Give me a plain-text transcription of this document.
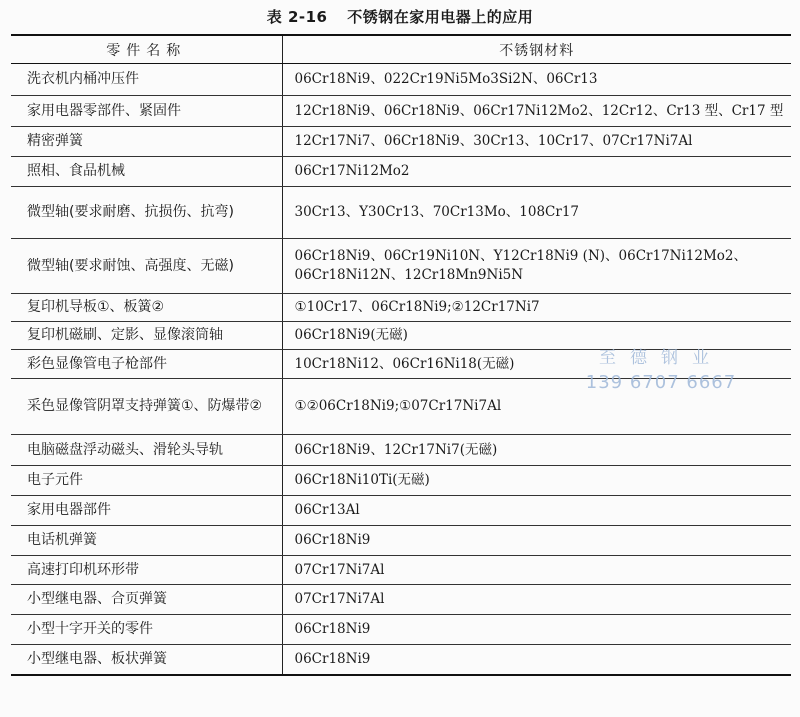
表 2-16 不锈钢在家用电器上的应用
零件名称	不锈钢材料
洗衣机内桶冲压件	06Cr18Ni9、022Cr19Ni5Mo3Si2N、06Cr13
家用电器零部件、紧固件	12Cr18Ni9、06Cr18Ni9、06Cr17Ni12Mo2、12Cr12、Cr13 型、Cr17 型
精密弹簧	12Cr17Ni7、06Cr18Ni9、30Cr13、10Cr17、07Cr17Ni7Al
照相、食品机械	06Cr17Ni12Mo2
微型轴(要求耐磨、抗损伤、抗弯)	30Cr13、Y30Cr13、70Cr13Mo、108Cr17
微型轴(要求耐蚀、高强度、无磁)	06Cr18Ni9、06Cr19Ni10N、Y12Cr18Ni9 (N)、06Cr17Ni12Mo2、06Cr18Ni12N、12Cr18Mn9Ni5N
复印机导板①、板簧②	①10Cr17、06Cr18Ni9;②12Cr17Ni7
复印机磁刷、定影、显像滚筒轴	06Cr18Ni9(无磁)
彩色显像管电子枪部件	10Cr18Ni12、06Cr16Ni18(无磁)
采色显像管阴罩支持弹簧①、防爆带②	①②06Cr18Ni9;①07Cr17Ni7Al
电脑磁盘浮动磁头、滑轮头导轨	06Cr18Ni9、12Cr17Ni7(无磁)
电子元件	06Cr18Ni10Ti(无磁)
家用电器部件	06Cr13Al
电话机弹簧	06Cr18Ni9
高速打印机环形带	07Cr17Ni7Al
小型继电器、合页弹簧	07Cr17Ni7Al
小型十字开关的零件	06Cr18Ni9
小型继电器、板状弹簧	06Cr18Ni9
至德钢业
139 6707 6667
